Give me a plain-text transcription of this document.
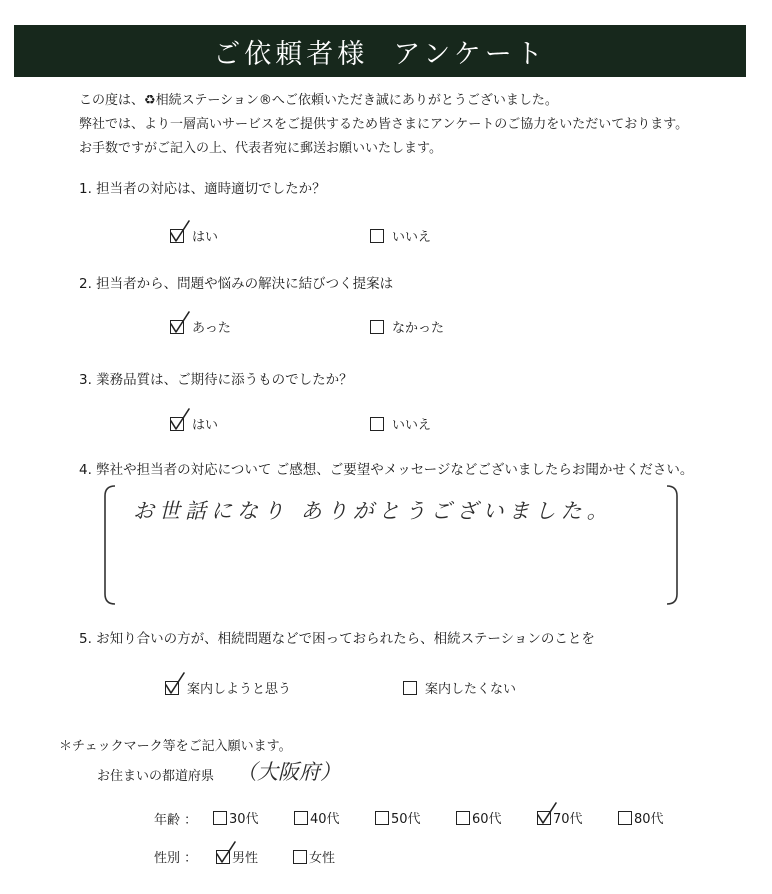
ご依頼者様  アンケート
この度は、♻相続ステーション®へご依頼いただき誠にありがとうございました。
弊社では、より一層高いサービスをご提供するため皆さまにアンケートのご協力をいただいております。
お手数ですがご記入の上、代表者宛に郵送お願いいたします。
1. 担当者の対応は、適時適切でしたか？
はい	いいえ
2. 担当者から、問題や悩みの解決に結びつく提案は
あった	なかった
3. 業務品質は、ご期待に添うものでしたか？
はい	いいえ
4. 弊社や担当者の対応について ご感想、ご要望やメッセージなどございましたらお聞かせください。
お世話になり ありがとうございました。
5. お知り合いの方が、相続問題などで困っておられたら、相続ステーションのことを
案内しようと思う	案内したくない
＊チェックマーク等をご記入願います。
お住まいの都道府県 （大阪府）
年齢 ： 30代	40代	50代	60代	70代	80代
性別 ：	男性	女性
